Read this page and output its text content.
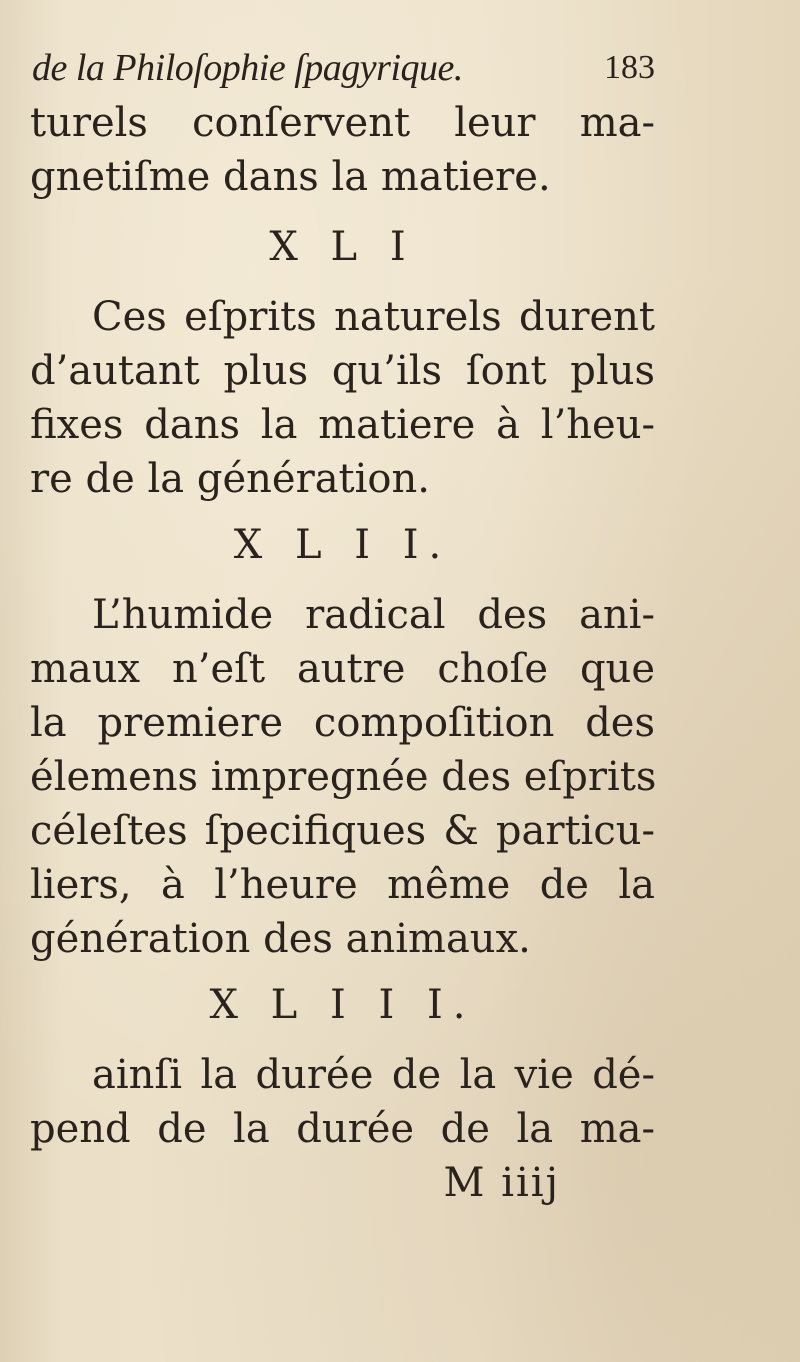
de la Philoſophie ſpagyrique.	183
turels conſervent leur ma-
gnetiſme dans la matiere.
X L I
Ces eſprits naturels durent
d’autant plus qu’ils ſont plus
fixes dans la matiere à l’heu-
re de la génération.
X L I I.
L’humide radical des ani-
maux n’eſt autre choſe que
la premiere compoſition des
élemens impregnée des eſprits
céleſtes ſpecifiques & particu-
liers, à l’heure même de la
génération des animaux.
X L I I I.
ainſi la durée de la vie dé-
pend de la durée de la ma-
M iiij
